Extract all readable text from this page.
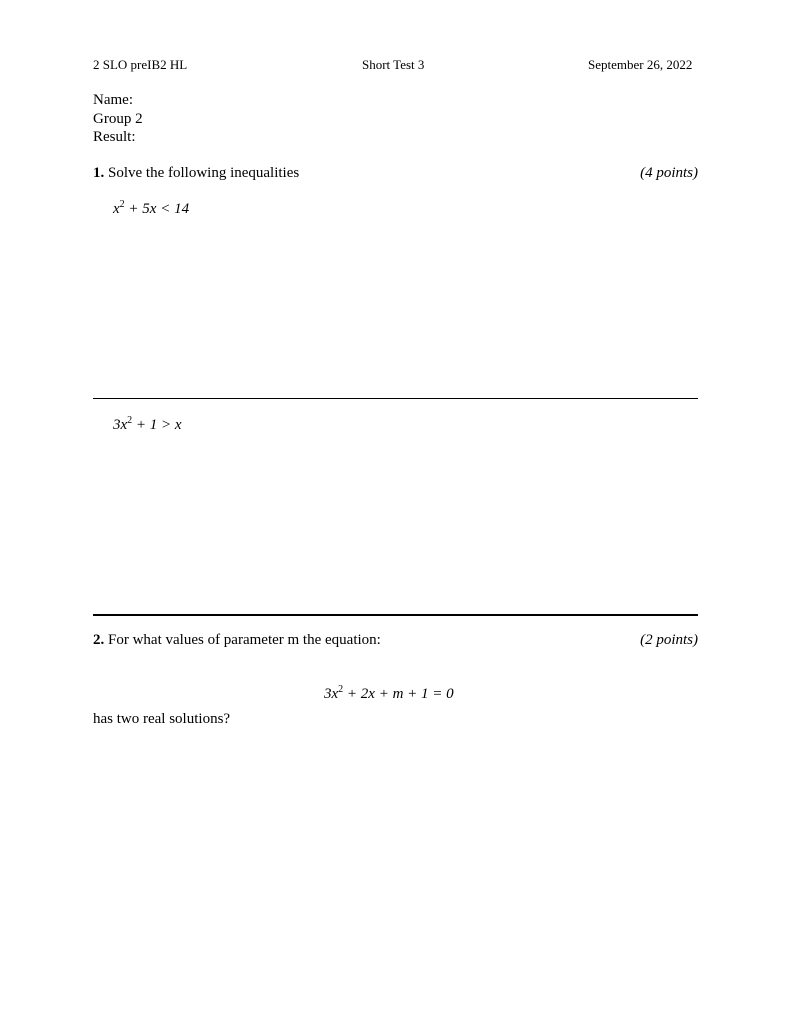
2 SLO preIB2 HL	Short Test 3	September 26, 2022
Name:
Group 2
Result:
1. Solve the following inequalities	(4 points)
$x^2 + 5x < 14$
$3x^2 + 1 > x$
2. For what values of parameter m the equation:	(2 points)
$3x^2 + 2x + m + 1 = 0$
has two real solutions?
